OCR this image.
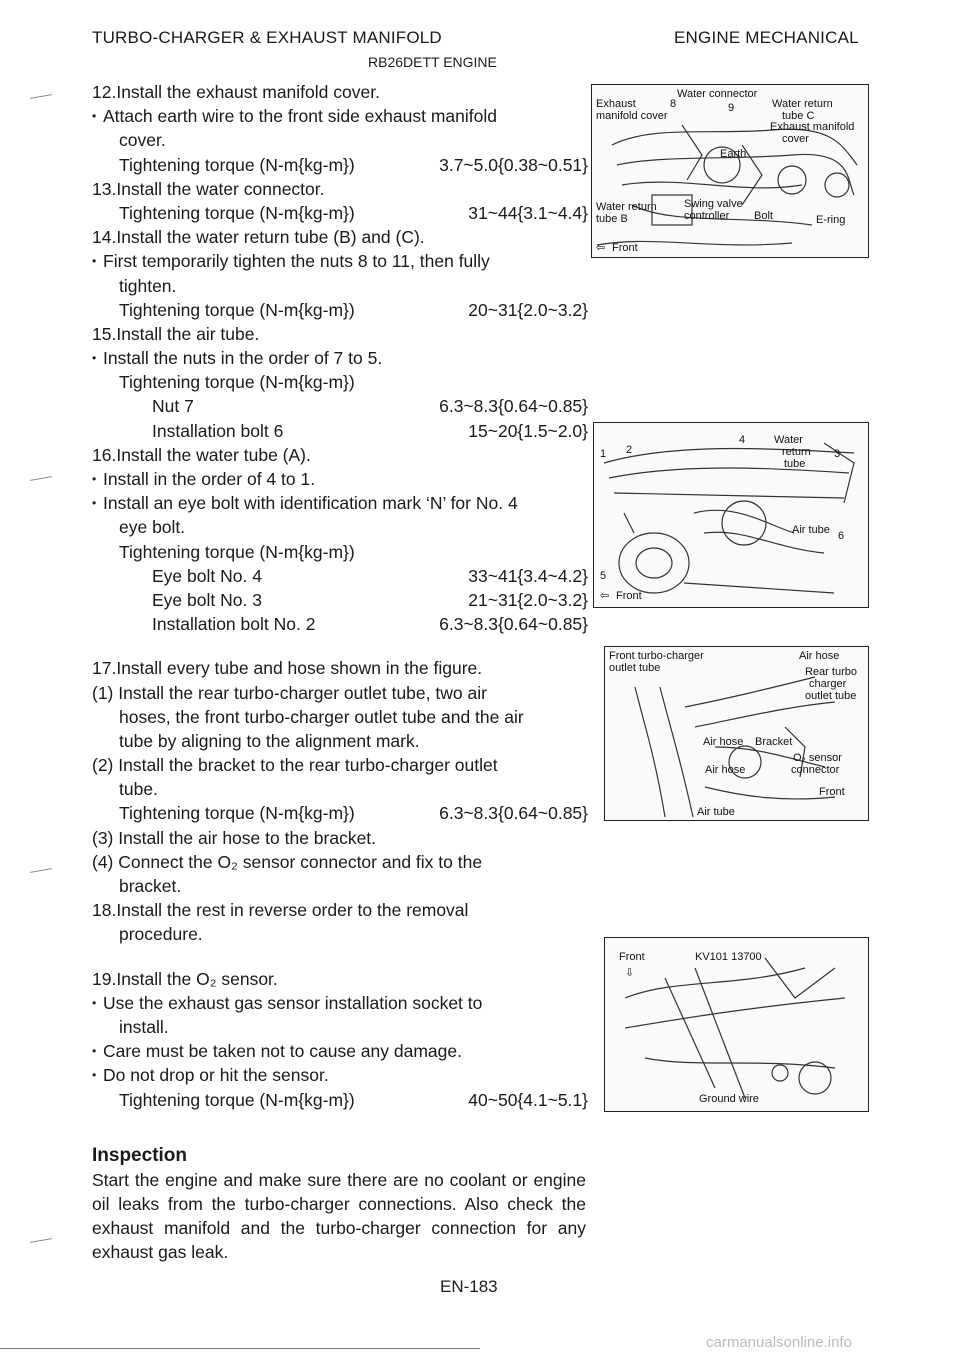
TURBO-CHARGER & EXHAUST MANIFOLD	ENGINE MECHANICAL
RB26DETT ENGINE
12.Install the exhaust manifold cover.
• Attach earth wire to the front side exhaust manifold
cover.
Tightening torque (N-m{kg-m})	3.7~5.0{0.38~0.51}
13.Install the water connector.
Tightening torque (N-m{kg-m})	31~44{3.1~4.4}
14.Install the water return tube (B) and (C).
• First temporarily tighten the nuts 8 to 11, then fully
tighten.
Tightening torque (N-m{kg-m})	20~31{2.0~3.2}
15.Install the air tube.
• Install the nuts in the order of 7 to 5.
Tightening torque (N-m{kg-m})
Nut 7	6.3~8.3{0.64~0.85}
Installation bolt 6	15~20{1.5~2.0}
16.Install the water tube (A).
• Install in the order of 4 to 1.
• Install an eye bolt with identification mark ‘N’ for No. 4
eye bolt.
Tightening torque (N-m{kg-m})
Eye bolt No. 4	33~41{3.4~4.2}
Eye bolt No. 3	21~31{2.0~3.2}
Installation bolt No. 2	6.3~8.3{0.64~0.85}
17.Install every tube and hose shown in the figure.
(1) Install the rear turbo-charger outlet tube, two air
hoses, the front turbo-charger outlet tube and the air
tube by aligning to the alignment mark.
(2) Install the bracket to the rear turbo-charger outlet
tube.
Tightening torque (N-m{kg-m})	6.3~8.3{0.64~0.85}
(3) Install the air hose to the bracket.
(4) Connect the O₂ sensor connector and fix to the
bracket.
18.Install the rest in reverse order to the removal
procedure.
19.Install the O₂ sensor.
• Use the exhaust gas sensor installation socket to
install.
• Care must be taken not to cause any damage.
• Do not drop or hit the sensor.
Tightening torque (N-m{kg-m})	40~50{4.1~5.1}
Inspection
Start the engine and make sure there are no coolant or engine oil leaks from the turbo-charger connections. Also check the exhaust manifold and the turbo-charger connection for any exhaust gas leak.
Water connector
Exhaust
manifold cover
8	9	Water return
tube C
Exhaust manifold
cover
Earth
Water return
tube B
Swing valve
controller Bolt	E-ring
⇦ Front
1 2	3
4
5
6
Water
return
tube
Air tube
⇦ Front
Front turbo-charger
outlet tube
Air hose
Rear turbo
charger
outlet tube
Air hose Bracket
O₂ sensor
connector
Air hose
Front
Air tube
Front
⇩
KV101 13700
Ground wire
EN-183
carmanualsonline.info
